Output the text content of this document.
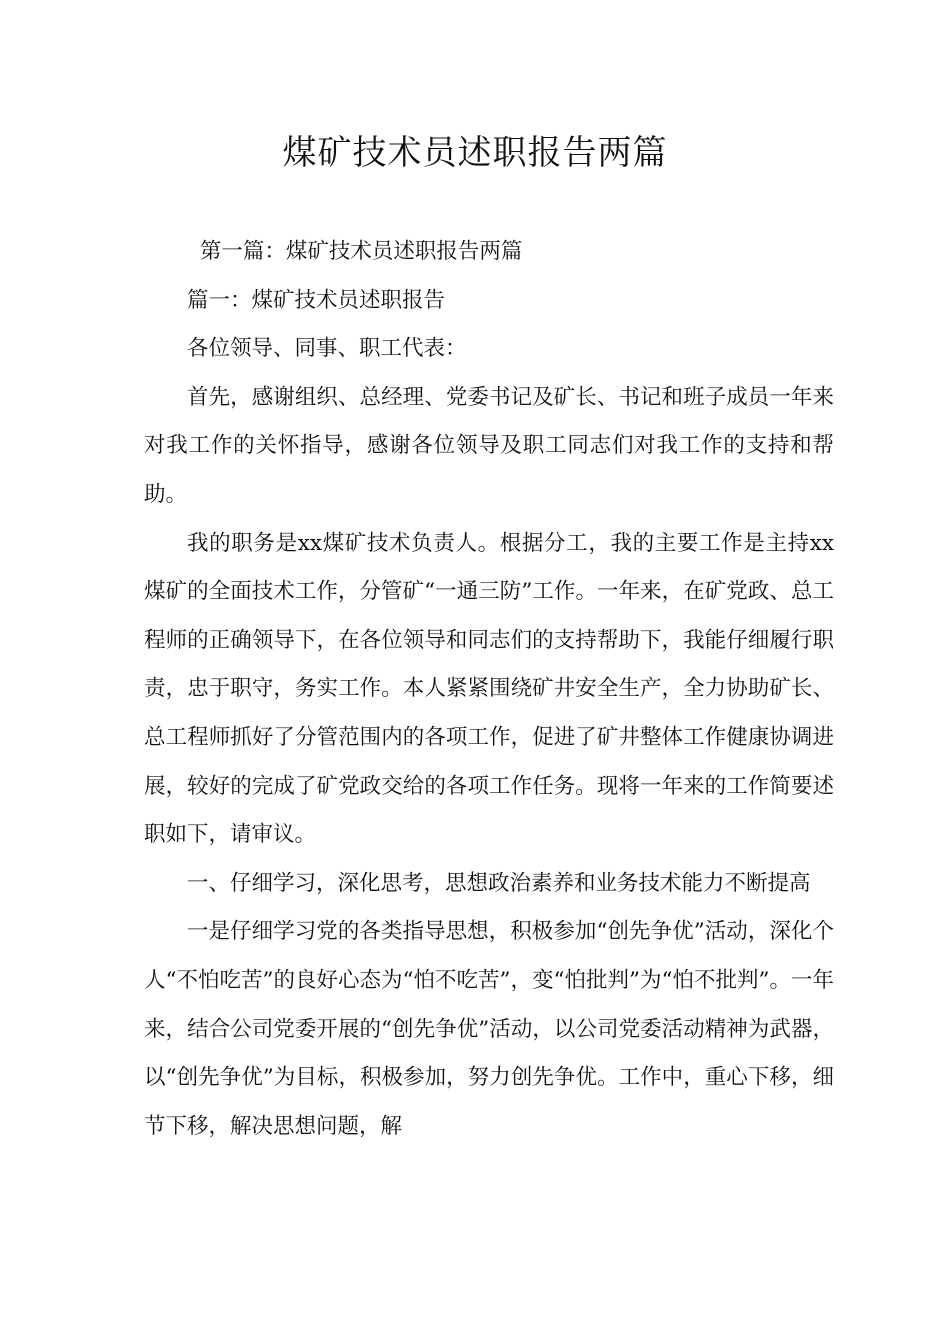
煤矿技术员述职报告两篇

第一篇：煤矿技术员述职报告两篇

篇一：煤矿技术员述职报告

各位领导、同事、职工代表：

首先，感谢组织、总经理、党委书记及矿长、书记和班子成员一年来对我工作的关怀指导，感谢各位领导及职工同志们对我工作的支持和帮助。

我的职务是xx煤矿技术负责人。根据分工，我的主要工作是主持xx煤矿的全面技术工作，分管矿“一通三防”工作。一年来，在矿党政、总工程师的正确领导下，在各位领导和同志们的支持帮助下，我能仔细履行职责，忠于职守，务实工作。本人紧紧围绕矿井安全生产，全力协助矿长、总工程师抓好了分管范围内的各项工作，促进了矿井整体工作健康协调进展，较好的完成了矿党政交给的各项工作任务。现将一年来的工作简要述职如下，请审议。

一、仔细学习，深化思考，思想政治素养和业务技术能力不断提高

一是仔细学习党的各类指导思想，积极参加“创先争优”活动，深化个人“不怕吃苦”的良好心态为“怕不吃苦”，变“怕批判”为“怕不批判”。一年来，结合公司党委开展的“创先争优”活动，以公司党委活动精神为武器，以“创先争优”为目标，积极参加，努力创先争优。工作中，重心下移，细节下移，解决思想问题，解
